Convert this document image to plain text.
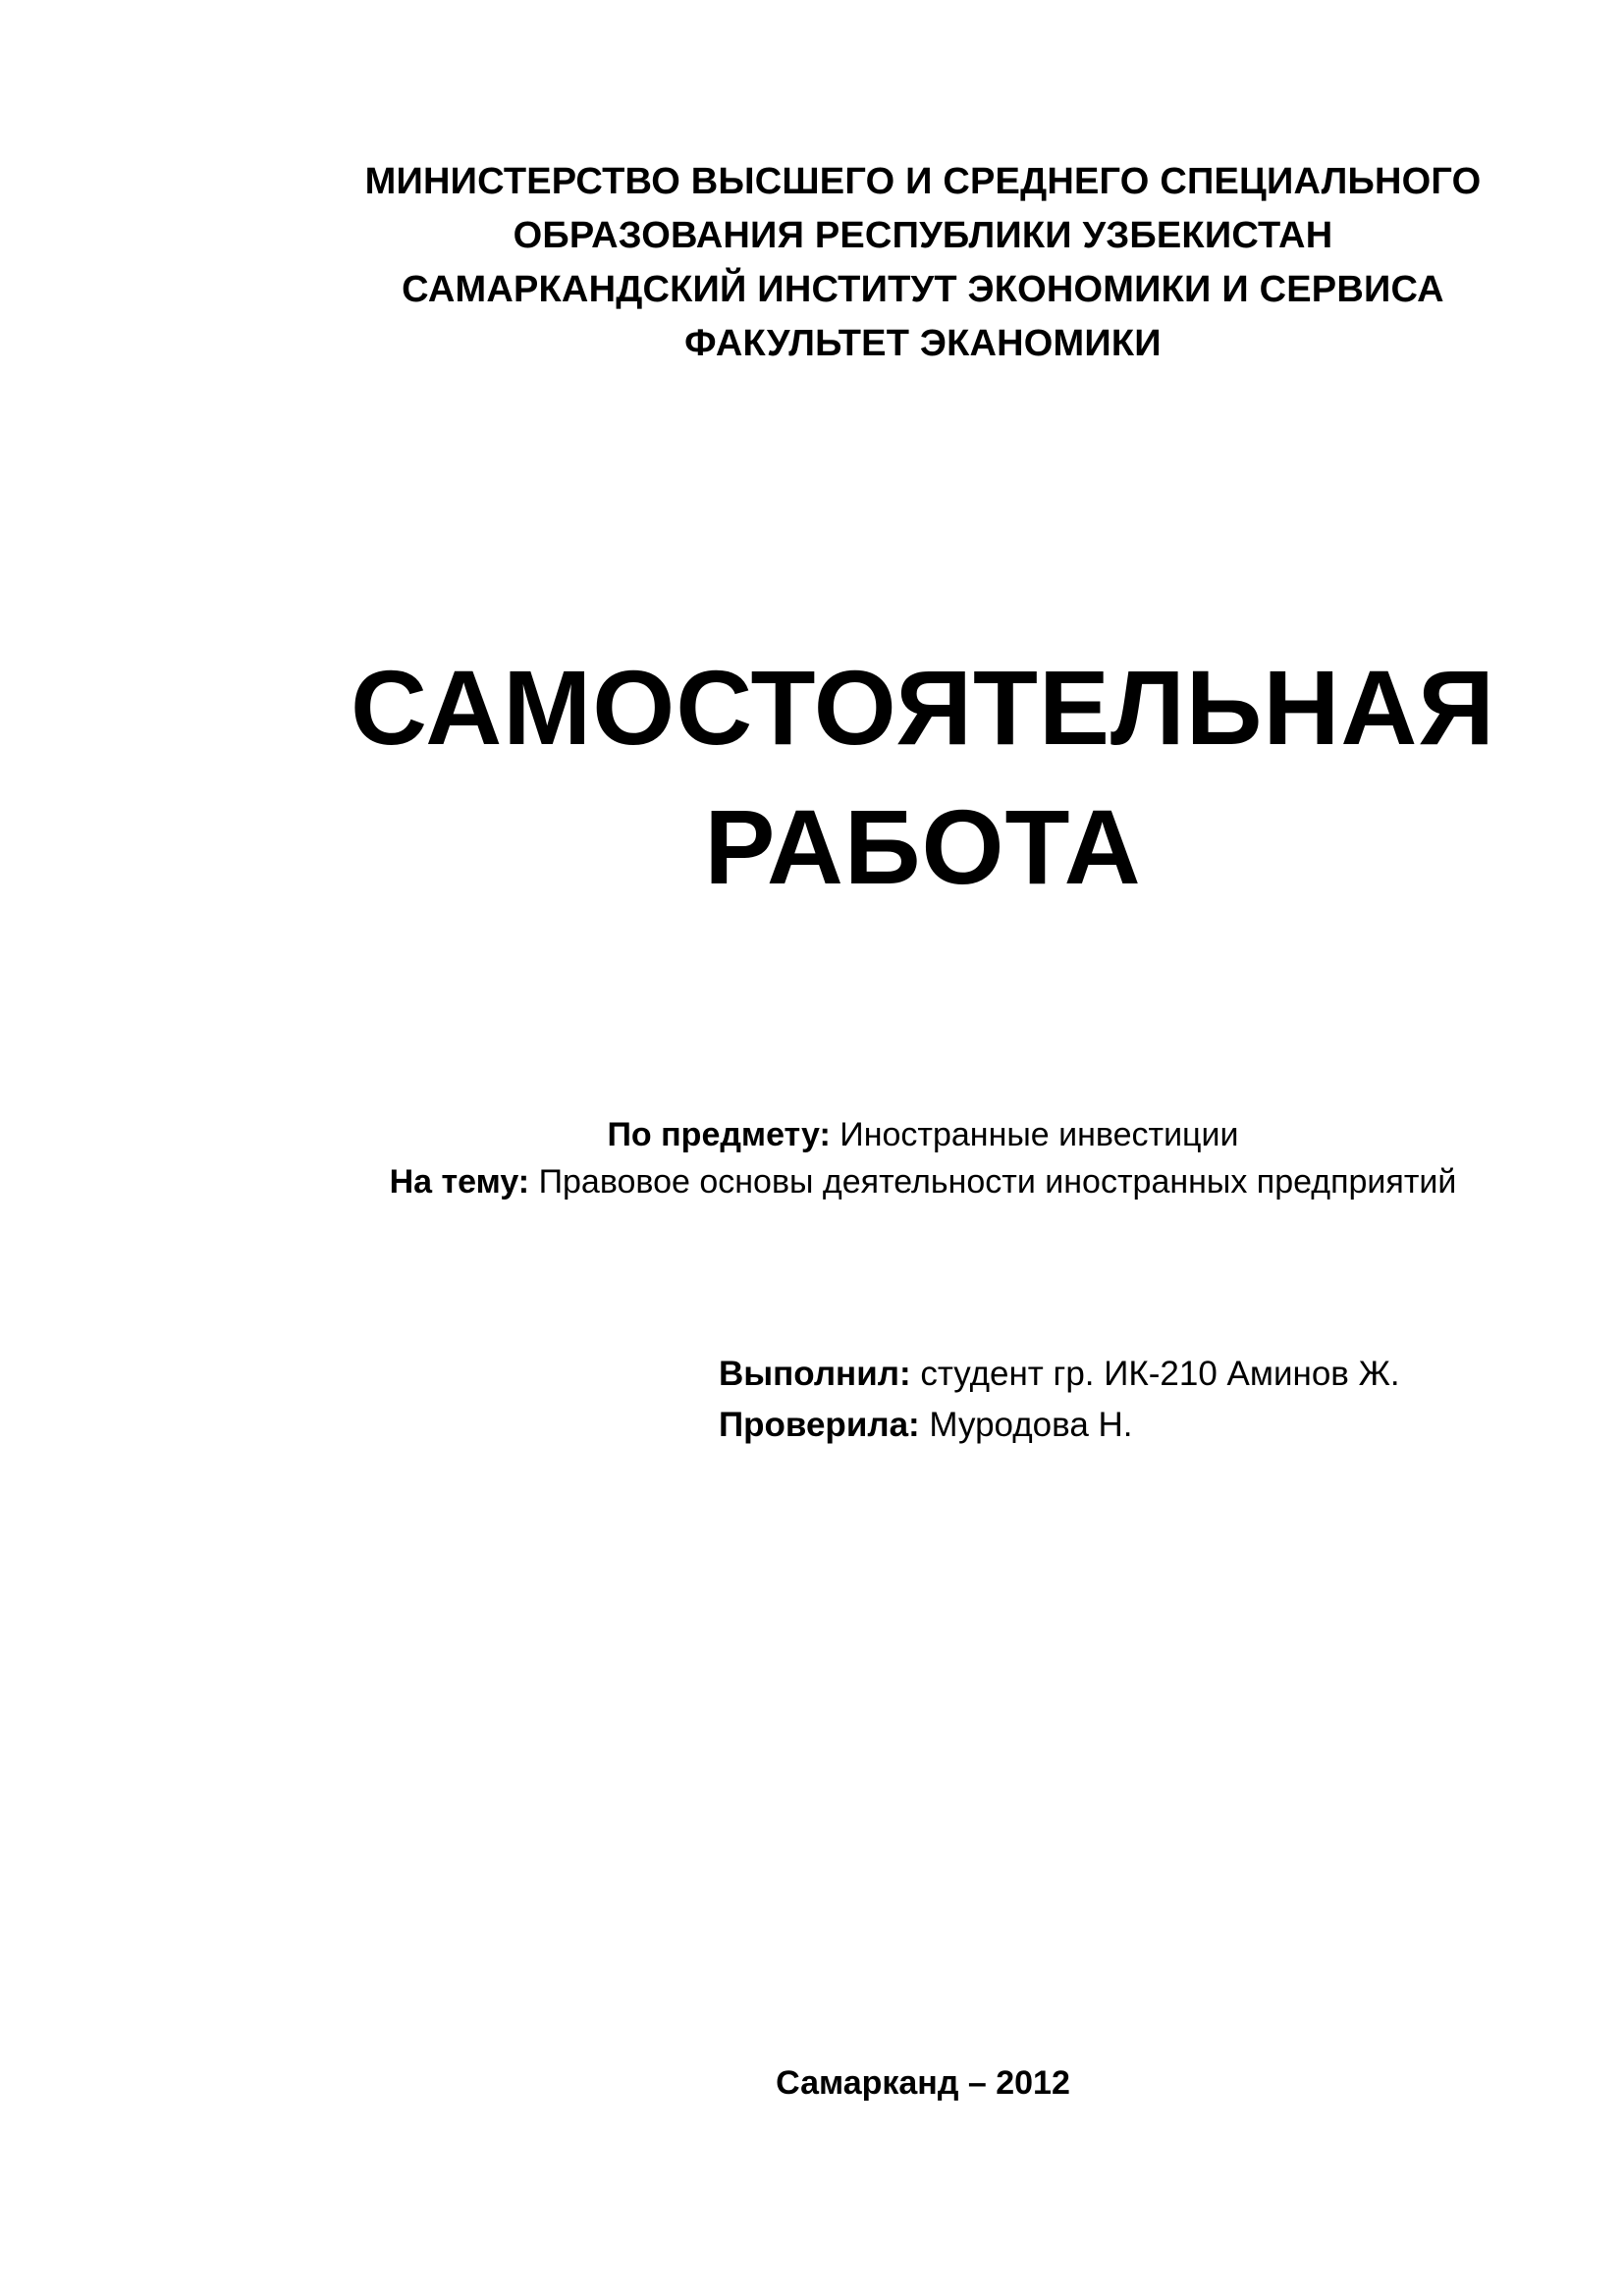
МИНИСТЕРСТВО ВЫСШЕГО И СРЕДНЕГО СПЕЦИАЛЬНОГО
ОБРАЗОВАНИЯ РЕСПУБЛИКИ УЗБЕКИСТАН
САМАРКАНДСКИЙ ИНСТИТУТ ЭКОНОМИКИ И СЕРВИСА
ФАКУЛЬТЕТ ЭКАНОМИКИ
САМОСТОЯТЕЛЬНАЯ
РАБОТА
По предмету: Иностранные инвестиции
На тему: Правовое основы деятельности иностранных предприятий
Выполнил: студент гр. ИК-210 Аминов Ж.
Проверила: Муродова Н.
Самарканд – 2012
